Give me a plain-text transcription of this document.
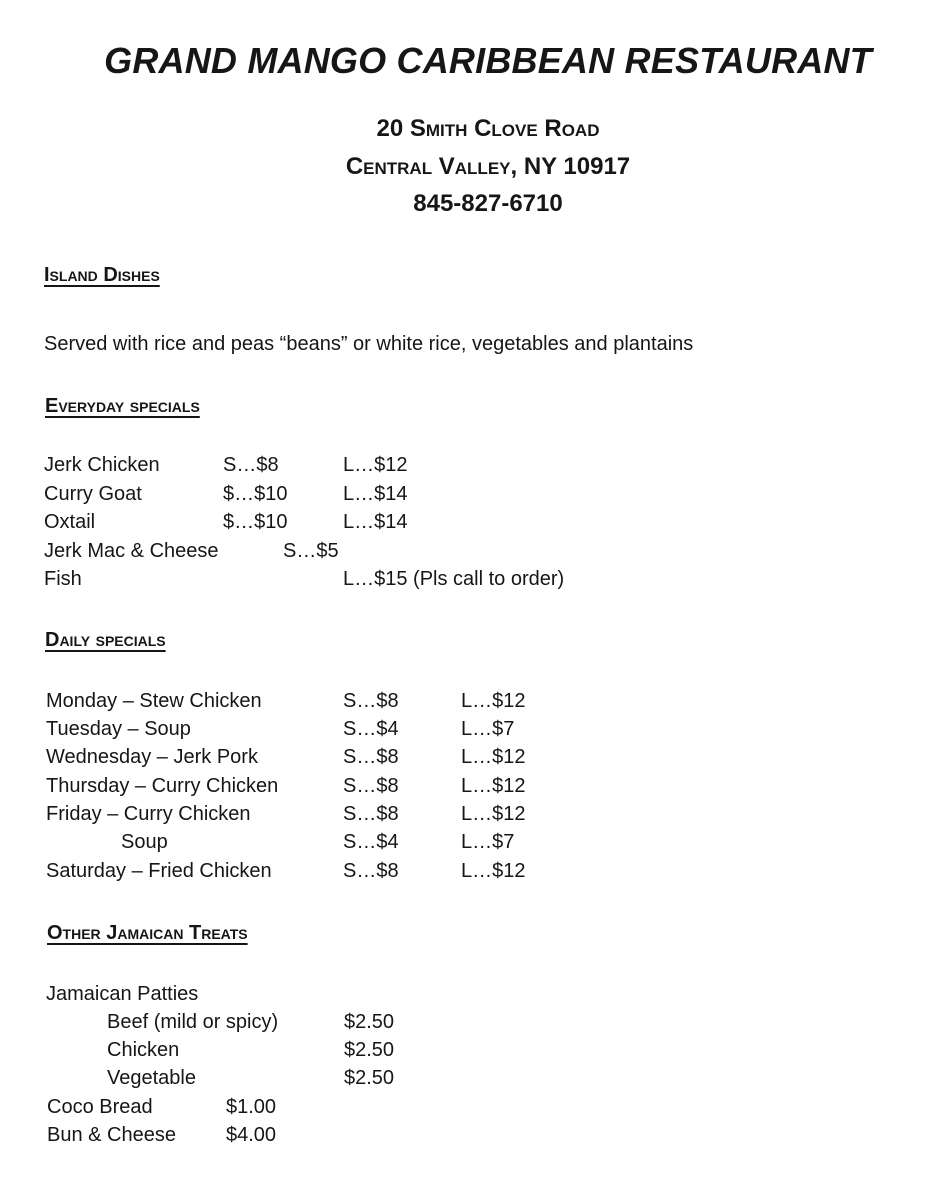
GRAND MANGO CARIBBEAN RESTAURANT
20 Smith Clove Road
Central Valley, NY 10917
845-827-6710
Island Dishes
Served with rice and peas “beans” or white rice, vegetables and plantains
Everyday specials
Jerk Chicken	S…$8	L…$12
Curry Goat	$…$10	L…$14
Oxtail	$…$10	L…$14
Jerk Mac & Cheese	S…$5
Fish	L…$15 (Pls call to order)
Daily specials
Monday – Stew Chicken	S…$8	L…$12
Tuesday – Soup	S…$4	L…$7
Wednesday – Jerk Pork	S…$8	L…$12
Thursday – Curry Chicken	S…$8	L…$12
Friday – Curry Chicken	S…$8	L…$12
Soup	S…$4	L…$7
Saturday – Fried Chicken	S…$8	L…$12
Other Jamaican Treats
Jamaican Patties
Beef (mild or spicy)	$2.50
Chicken	$2.50
Vegetable	$2.50
Coco Bread	$1.00
Bun & Cheese	$4.00
